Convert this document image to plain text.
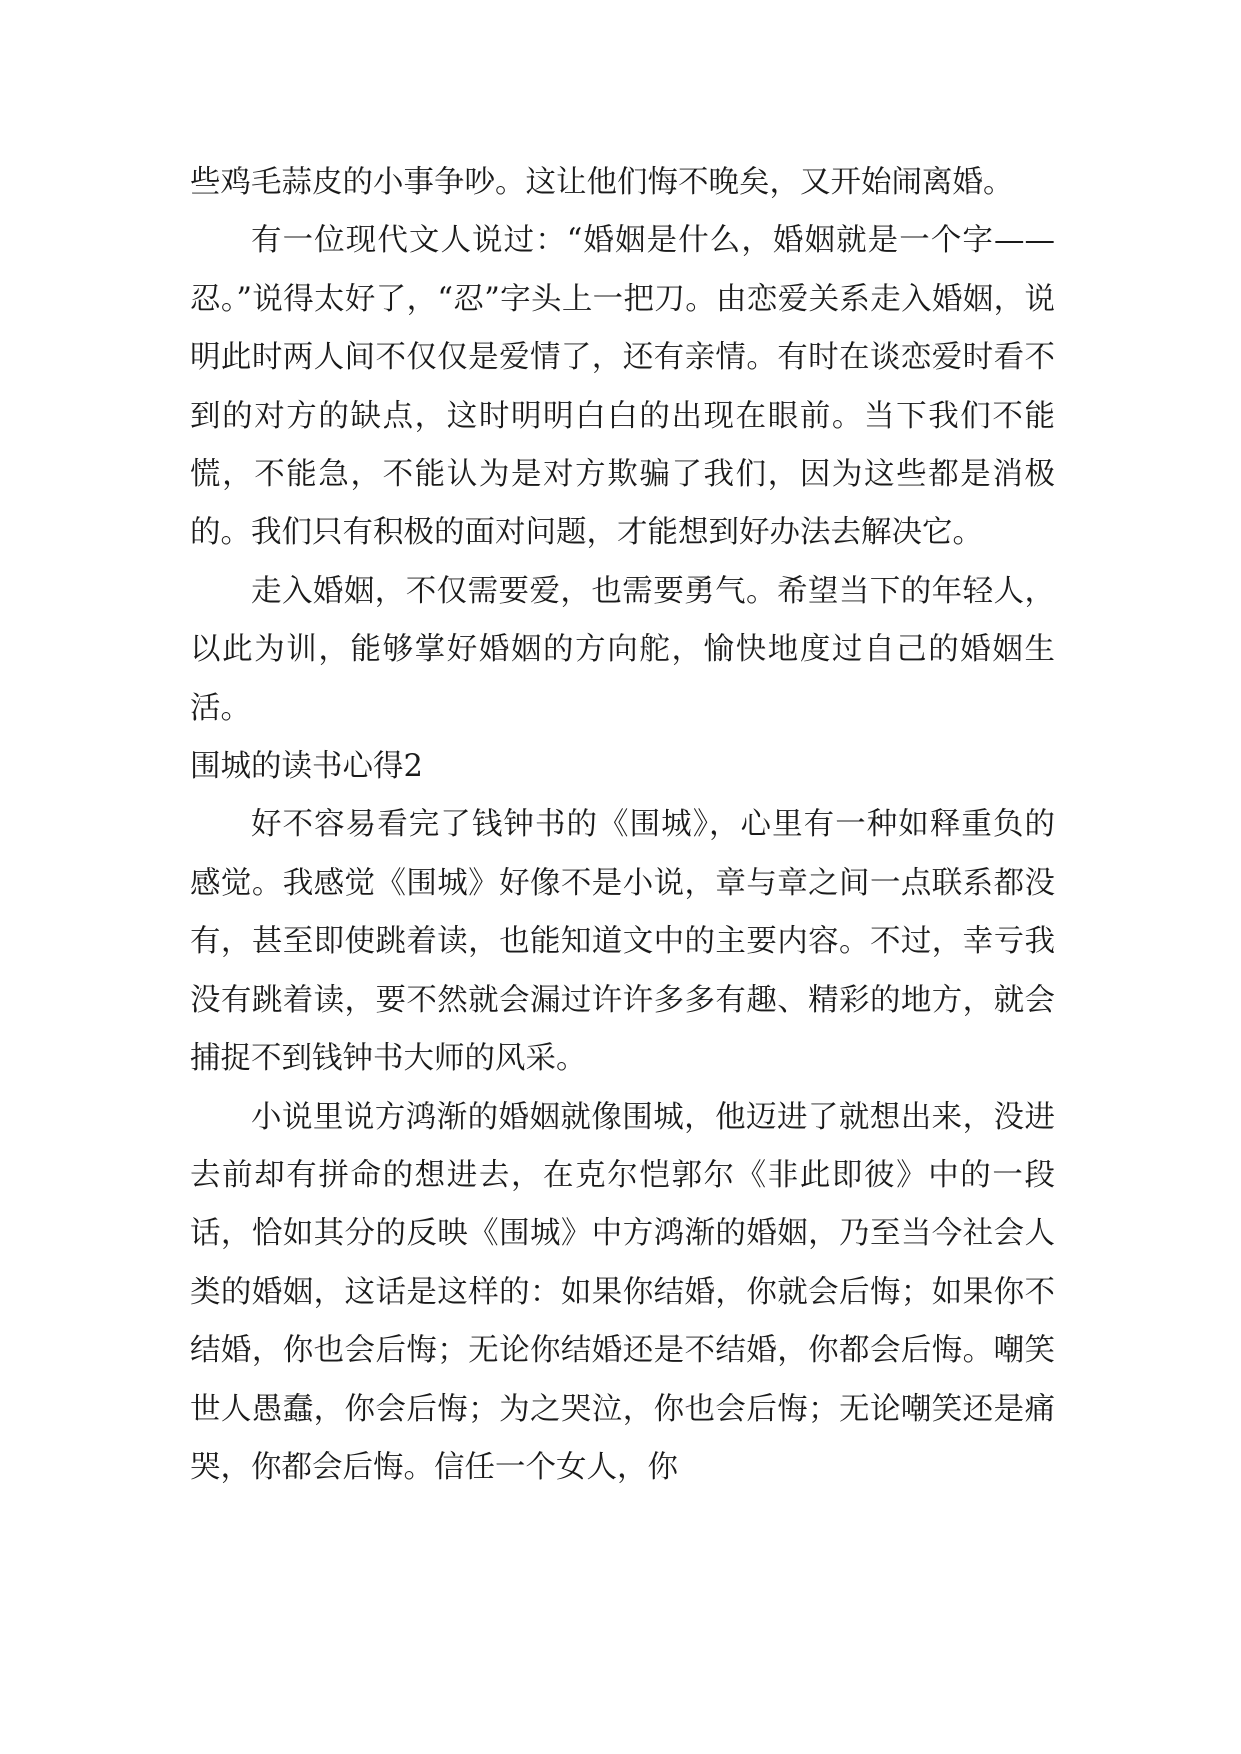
些鸡毛蒜皮的小事争吵。这让他们悔不晚矣，又开始闹离婚。

有一位现代文人说过：“婚姻是什么，婚姻就是一个字——忍。”说得太好了，“忍”字头上一把刀。由恋爱关系走入婚姻，说明此时两人间不仅仅是爱情了，还有亲情。有时在谈恋爱时看不到的对方的缺点，这时明明白白的出现在眼前。当下我们不能慌，不能急，不能认为是对方欺骗了我们，因为这些都是消极的。我们只有积极的面对问题，才能想到好办法去解决它。

走入婚姻，不仅需要爱，也需要勇气。希望当下的年轻人，以此为训，能够掌好婚姻的方向舵，愉快地度过自己的婚姻生活。

围城的读书心得2

好不容易看完了钱钟书的《围城》，心里有一种如释重负的感觉。我感觉《围城》好像不是小说，章与章之间一点联系都没有，甚至即使跳着读，也能知道文中的主要内容。不过，幸亏我没有跳着读，要不然就会漏过许许多多有趣、精彩的地方，就会捕捉不到钱钟书大师的风采。

小说里说方鸿渐的婚姻就像围城，他迈进了就想出来，没进去前却有拼命的想进去，在克尔恺郭尔《非此即彼》中的一段话，恰如其分的反映《围城》中方鸿渐的婚姻，乃至当今社会人类的婚姻，这话是这样的：如果你结婚，你就会后悔；如果你不结婚，你也会后悔；无论你结婚还是不结婚，你都会后悔。嘲笑世人愚蠢，你会后悔；为之哭泣，你也会后悔；无论嘲笑还是痛哭，你都会后悔。信任一个女人，你
